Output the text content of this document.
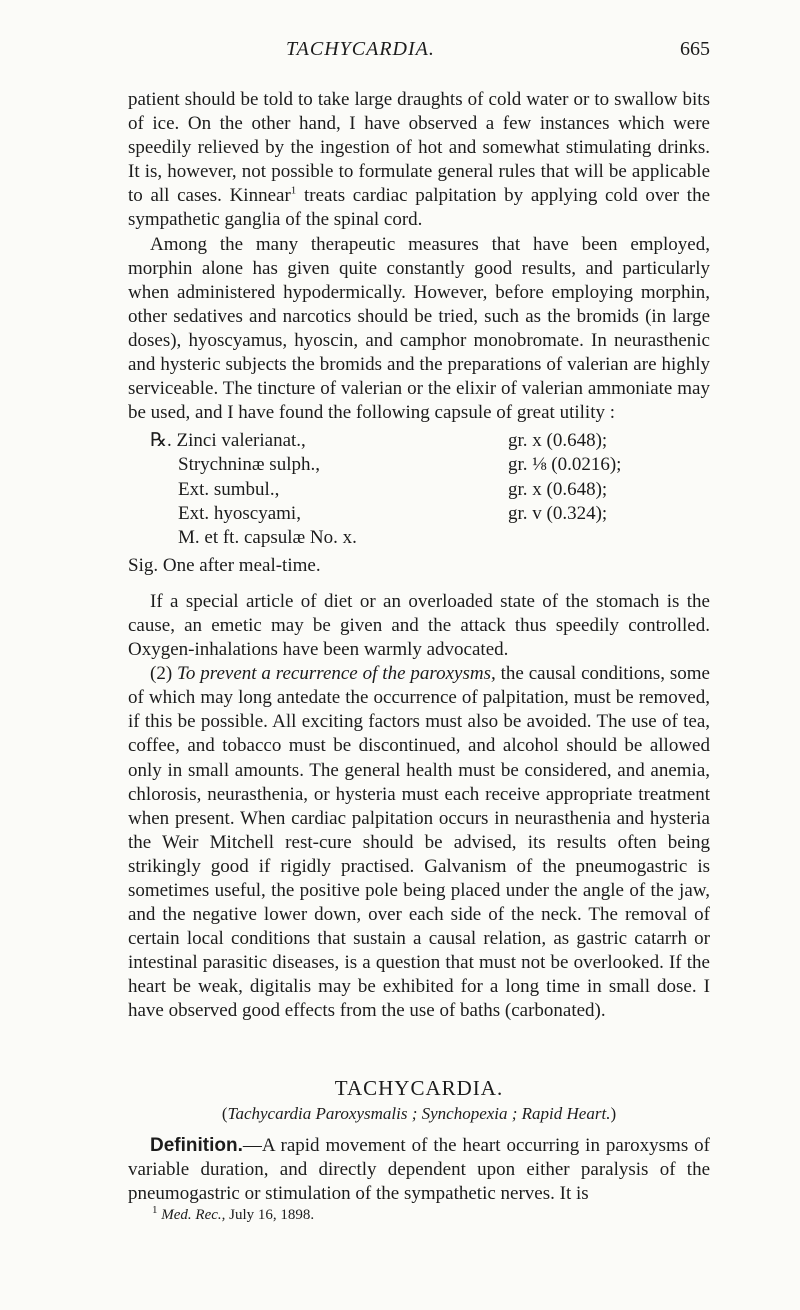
TACHYCARDIA.	665

patient should be told to take large draughts of cold water or to swallow bits of ice. On the other hand, I have observed a few instances which were speedily relieved by the ingestion of hot and somewhat stimulating drinks. It is, however, not possible to formulate general rules that will be applicable to all cases. Kinnear$^1$ treats cardiac palpitation by applying cold over the sympathetic ganglia of the spinal cord.

Among the many therapeutic measures that have been employed, morphin alone has given quite constantly good results, and particularly when administered hypodermically. However, before employing morphin, other sedatives and narcotics should be tried, such as the bromids (in large doses), hyoscyamus, hyoscin, and camphor monobromate. In neurasthenic and hysteric subjects the bromids and the preparations of valerian are highly serviceable. The tincture of valerian or the elixir of valerian ammoniate may be used, and I have found the following capsule of great utility :

℞. Zinci valerianat.,	gr. x (0.648);
Strychninæ sulph.,	gr. ⅛ (0.0216);
Ext. sumbul.,	gr. x (0.648);
Ext. hyoscyami,	gr. v (0.324);
M. et ft. capsulæ No. x.

Sig. One after meal-time.

If a special article of diet or an overloaded state of the stomach is the cause, an emetic may be given and the attack thus speedily controlled. Oxygen-inhalations have been warmly advocated.

(2) To prevent a recurrence of the paroxysms, the causal conditions, some of which may long antedate the occurrence of palpitation, must be removed, if this be possible. All exciting factors must also be avoided. The use of tea, coffee, and tobacco must be discontinued, and alcohol should be allowed only in small amounts. The general health must be considered, and anemia, chlorosis, neurasthenia, or hysteria must each receive appropriate treatment when present. When cardiac palpitation occurs in neurasthenia and hysteria the Weir Mitchell rest-cure should be advised, its results often being strikingly good if rigidly practised. Galvanism of the pneumogastric is sometimes useful, the positive pole being placed under the angle of the jaw, and the negative lower down, over each side of the neck. The removal of certain local conditions that sustain a causal relation, as gastric catarrh or intestinal parasitic diseases, is a question that must not be overlooked. If the heart be weak, digitalis may be exhibited for a long time in small dose. I have observed good effects from the use of baths (carbonated).

TACHYCARDIA.
(Tachycardia Paroxysmalis ; Synchopexia ; Rapid Heart.)

Definition.—A rapid movement of the heart occurring in paroxysms of variable duration, and directly dependent upon either paralysis of the pneumogastric or stimulation of the sympathetic nerves. It is

$^1$ Med. Rec., July 16, 1898.
